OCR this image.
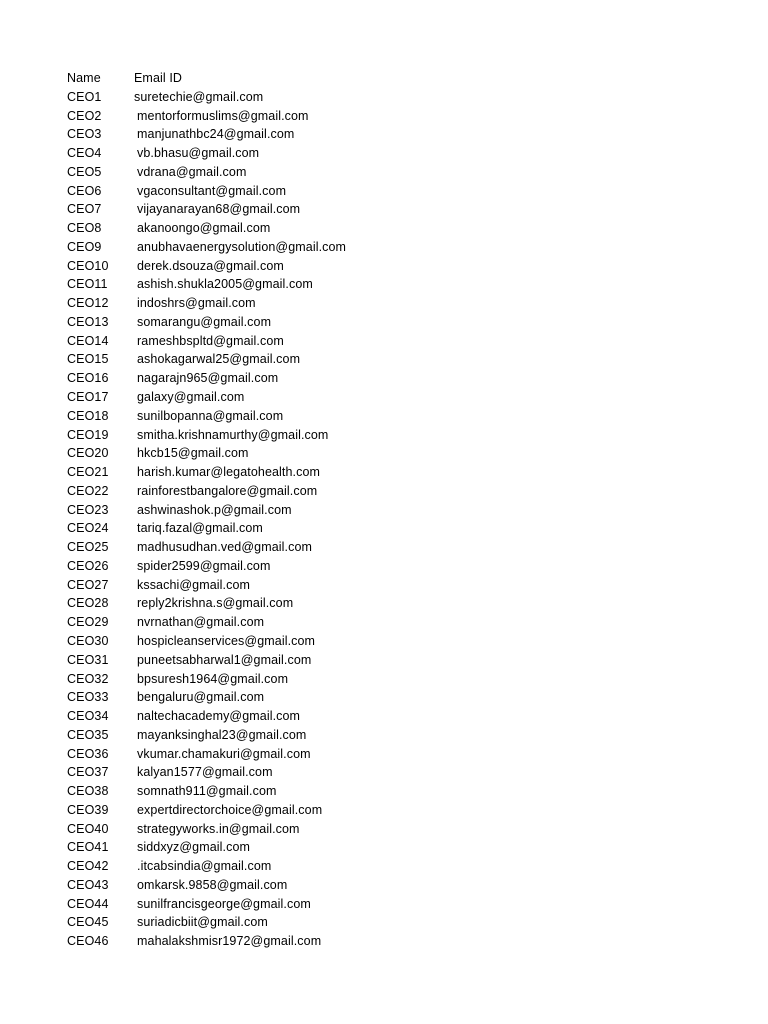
Name	Email ID
CEO1	suretechie@gmail.com
CEO2	mentorformuslims@gmail.com
CEO3	manjunathbc24@gmail.com
CEO4	vb.bhasu@gmail.com
CEO5	vdrana@gmail.com
CEO6	vgaconsultant@gmail.com
CEO7	vijayanarayan68@gmail.com
CEO8	akanoongo@gmail.com
CEO9	anubhavaenergysolution@gmail.com
CEO10	derek.dsouza@gmail.com
CEO11	ashish.shukla2005@gmail.com
CEO12	indoshrs@gmail.com
CEO13	somarangu@gmail.com
CEO14	rameshbspltd@gmail.com
CEO15	ashokagarwal25@gmail.com
CEO16	nagarajn965@gmail.com
CEO17	galaxy@gmail.com
CEO18	sunilbopanna@gmail.com
CEO19	smitha.krishnamurthy@gmail.com
CEO20	hkcb15@gmail.com
CEO21	harish.kumar@legatohealth.com
CEO22	rainforestbangalore@gmail.com
CEO23	ashwinashok.p@gmail.com
CEO24	tariq.fazal@gmail.com
CEO25	madhusudhan.ved@gmail.com
CEO26	spider2599@gmail.com
CEO27	kssachi@gmail.com
CEO28	reply2krishna.s@gmail.com
CEO29	nvrnathan@gmail.com
CEO30	hospicleanservices@gmail.com
CEO31	puneetsabharwal1@gmail.com
CEO32	bpsuresh1964@gmail.com
CEO33	bengaluru@gmail.com
CEO34	naltechacademy@gmail.com
CEO35	mayanksinghal23@gmail.com
CEO36	vkumar.chamakuri@gmail.com
CEO37	kalyan1577@gmail.com
CEO38	somnath911@gmail.com
CEO39	expertdirectorchoice@gmail.com
CEO40	strategyworks.in@gmail.com
CEO41	siddxyz@gmail.com
CEO42	.itcabsindia@gmail.com
CEO43	omkarsk.9858@gmail.com
CEO44	sunilfrancisgeorge@gmail.com
CEO45	suriadicbiit@gmail.com
CEO46	mahalakshmisr1972@gmail.com
